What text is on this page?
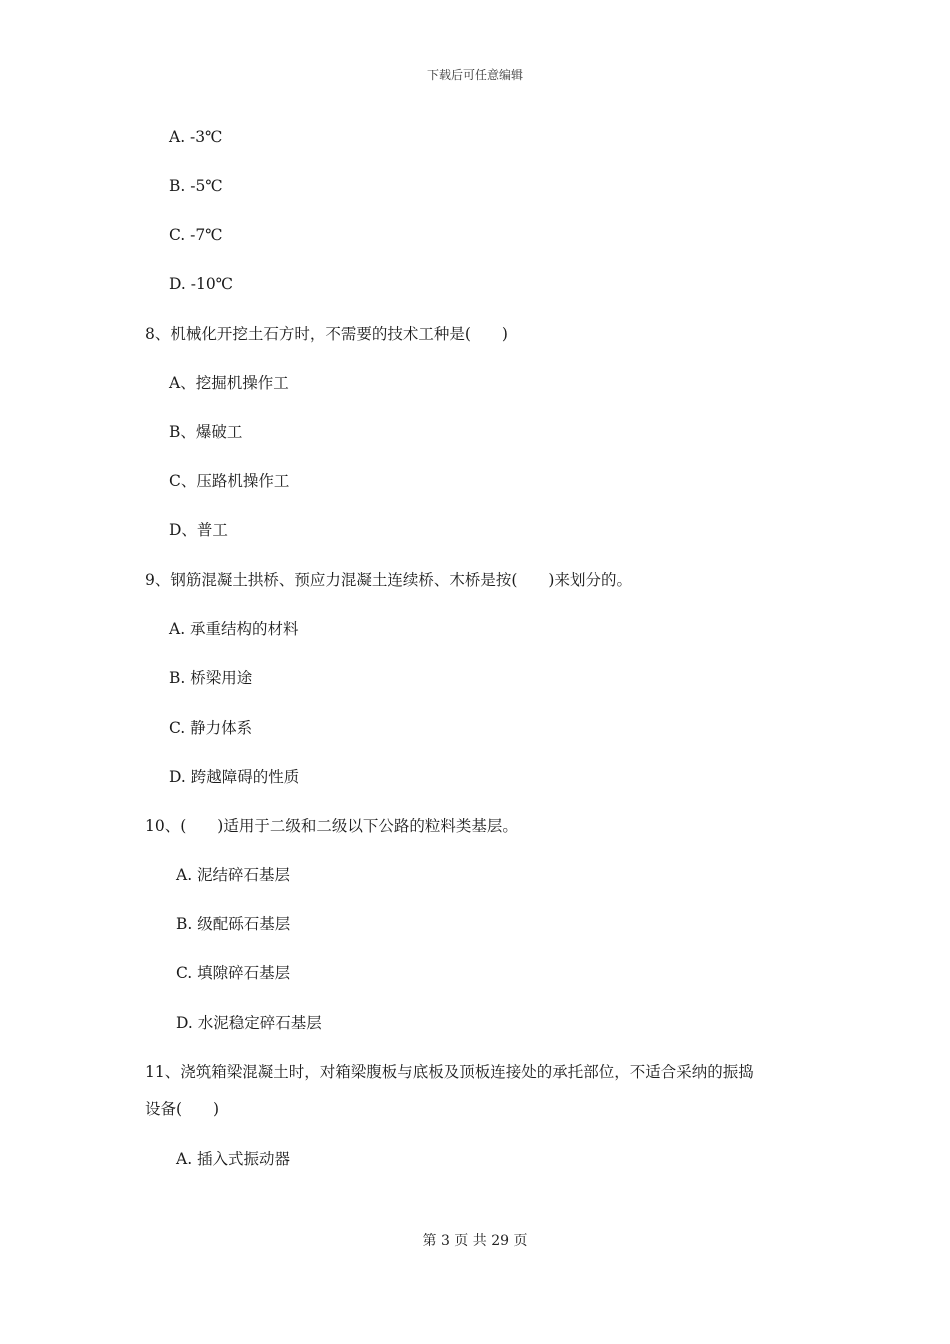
下载后可任意编辑
A. -3℃
B. -5℃
C. -7℃
D. -10℃
8、机械化开挖土石方时，不需要的技术工种是(　　)
A、挖掘机操作工
B、爆破工
C、压路机操作工
D、普工
9、钢筋混凝土拱桥、预应力混凝土连续桥、木桥是按(　　)来划分的。
A. 承重结构的材料
B. 桥梁用途
C. 静力体系
D. 跨越障碍的性质
10、(　　)适用于二级和二级以下公路的粒料类基层。
A. 泥结碎石基层
B. 级配砾石基层
C. 填隙碎石基层
D. 水泥稳定碎石基层
11、浇筑箱梁混凝土时，对箱梁腹板与底板及顶板连接处的承托部位，不适合采纳的振捣
设备(　　)
A. 插入式振动器
第 3 页 共 29 页
